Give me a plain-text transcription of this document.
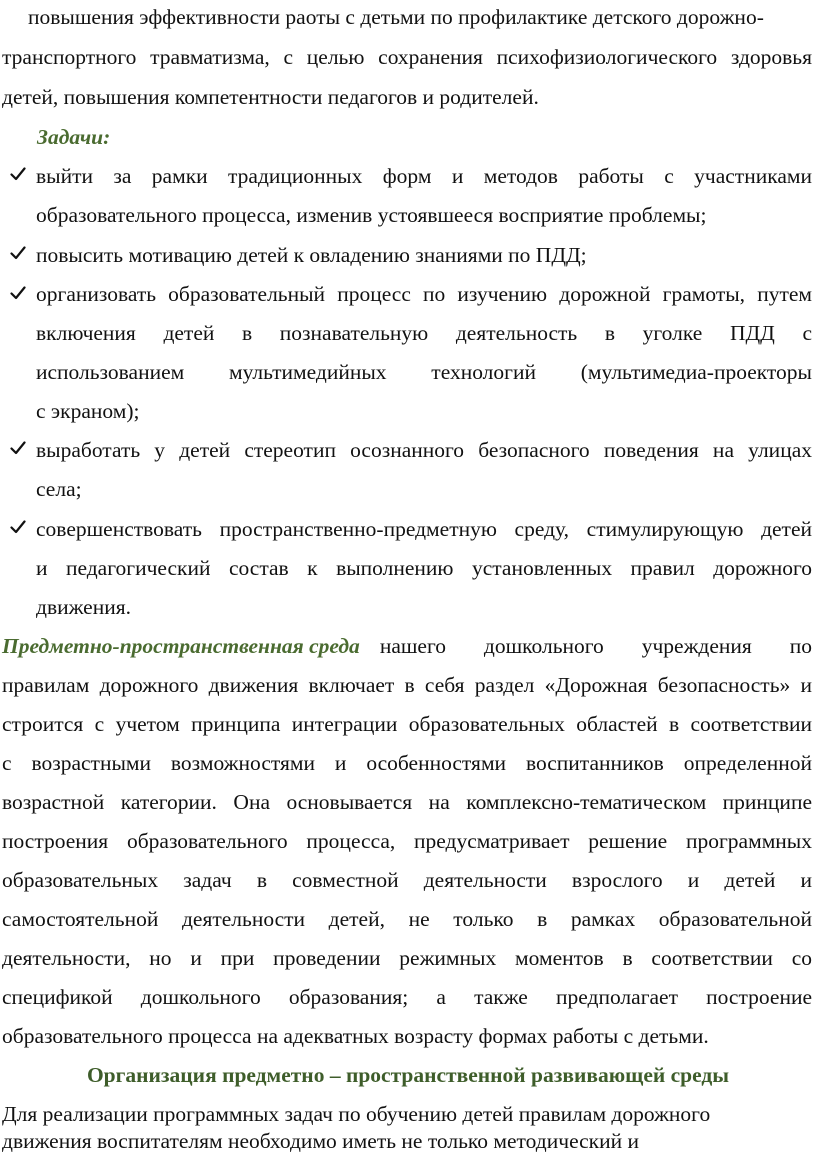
повышения эффективности раоты с детьми по профилактике детского дорожно-
транспортного травматизма, с целью сохранения психофизиологического здоровья
детей, повышения компетентности педагогов и родителей.
Задачи:
выйти за рамки традиционных форм и методов работы с участниками
образовательного процесса, изменив устоявшееся восприятие проблемы;
повысить мотивацию детей к овладению знаниями по ПДД;
организовать образовательный процесс по изучению дорожной грамоты, путем
включения детей в познавательную деятельность в уголке ПДД с
использованием мультимедийных технологий (мультимедиа-проекторы
с экраном);
выработать у детей стереотип осознанного безопасного поведения на улицах
села;
совершенствовать пространственно-предметную среду, стимулирующую детей
и педагогический состав к выполнению установленных правил дорожного
движения.
Предметно-пространственная среда нашего дошкольного учреждения по
правилам дорожного движения включает в себя раздел «Дорожная безопасность» и
строится с учетом принципа интеграции образовательных областей в соответствии
с возрастными возможностями и особенностями воспитанников определенной
возрастной категории. Она основывается на комплексно-тематическом принципе
построения образовательного процесса, предусматривает решение программных
образовательных задач в совместной деятельности взрослого и детей и
самостоятельной деятельности детей, не только в рамках образовательной
деятельности, но и при проведении режимных моментов в соответствии со
спецификой дошкольного образования; а также предполагает построение
образовательного процесса на адекватных возрасту формах работы с детьми.
Организация предметно – пространственной развивающей среды
Для реализации программных задач по обучению детей правилам дорожного
движения воспитателям необходимо иметь не только методический и
